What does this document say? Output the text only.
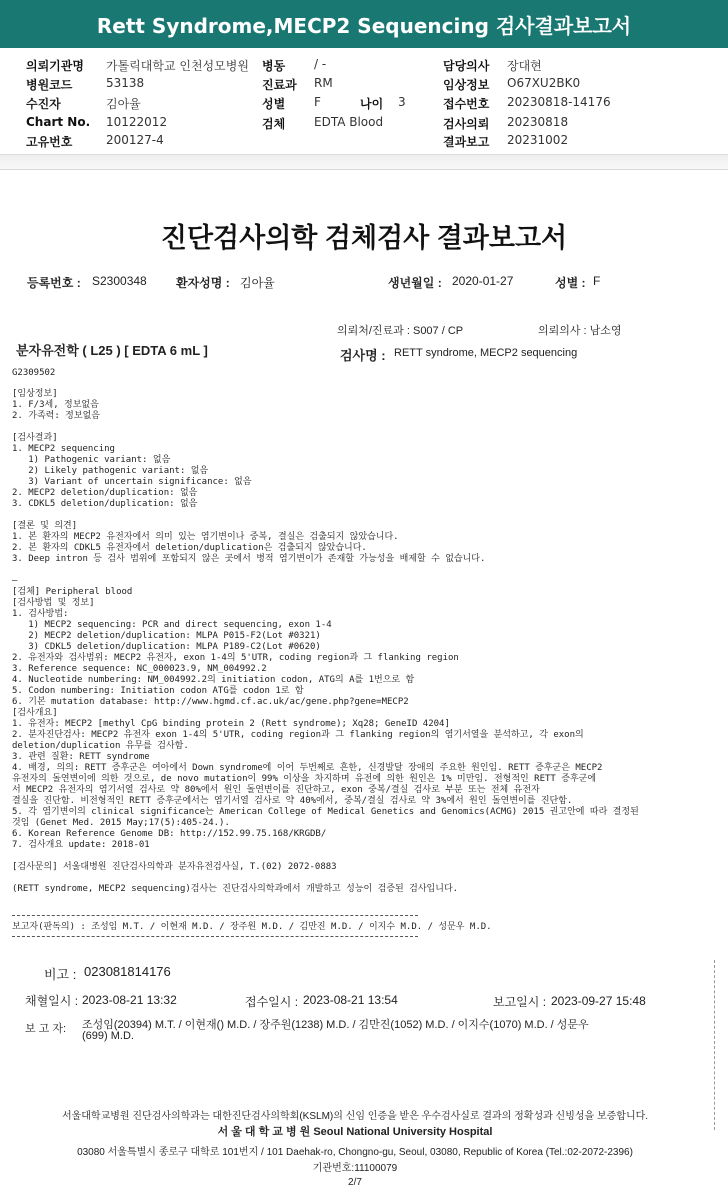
Rett Syndrome,MECP2 Sequencing 검사결과보고서
의뢰기관명 가톨릭대학교 인천성모병원
병원코드	53138
수진자	김아율
Chart No. 10122012
고유번호	200127-4
병동 / -
진료과 RM
성별 F	나이 3
검체 EDTA Blood
담당의사 장대현
임상정보 O67XU2BK0
접수번호 20230818-14176
검사의뢰 20230818
결과보고 20231002
진단검사의학 검체검사 결과보고서
등록번호 : S2300348 환자성명 : 김아율	생년월일 : 2020-01-27	성별 : F
의뢰처/진료과 : S007 / CP	의뢰의사 : 남소영
분자유전학 ( L25 ) [ EDTA 6 mL ]	검사명 : RETT syndrome, MECP2 sequencing
G2309502
[임상정보]
1. F/3세, 정보없음
2. 가족력: 정보없음
[검사결과]
1. MECP2 sequencing
1) Pathogenic variant: 없음
2) Likely pathogenic variant: 없음
3) Variant of uncertain significance: 없음
2. MECP2 deletion/duplication: 없음
3. CDKL5 deletion/duplication: 없음
[결론 및 의견]
1. 본 환자의 MECP2 유전자에서 의미 있는 염기변이나 중복, 결실은 검출되지 않았습니다.
2. 본 환자의 CDKL5 유전자에서 deletion/duplication은 검출되지 않았습니다.
3. Deep intron 등 검사 범위에 포함되지 않은 곳에서 병적 염기변이가 존재할 가능성을 배제할 수 없습니다.
—
[검체] Peripheral blood
[검사방법 및 정보]
1. 검사방법:
1) MECP2 sequencing: PCR and direct sequencing, exon 1-4
2) MECP2 deletion/duplication: MLPA P015-F2(Lot #0321)
3) CDKL5 deletion/duplication: MLPA P189-C2(Lot #0620)
2. 유전자와 검사범위: MECP2 유전자, exon 1-4의 5'UTR, coding region과 그 flanking region
3. Reference sequence: NC_000023.9, NM_004992.2
4. Nucleotide numbering: NM_004992.2의 initiation codon, ATG의 A를 1번으로 함
5. Codon numbering: Initiation codon ATG를 codon 1로 함
6. 기본 mutation database: http://www.hgmd.cf.ac.uk/ac/gene.php?gene=MECP2
[검사개요]
1. 유전자: MECP2 [methyl CpG binding protein 2 (Rett syndrome); Xq28; GeneID 4204]
2. 분자진단검사: MECP2 유전자 exon 1-4의 5'UTR, coding region과 그 flanking region의 염기서열을 분석하고, 각 exon의
deletion/duplication 유무를 검사함.
3. 관련 질환: RETT syndrome
4. 배경, 의의: RETT 증후군은 여아에서 Down syndrome에 이어 두번째로 흔한, 신경발달 장애의 주요한 원인임. RETT 증후군은 MECP2
유전자의 돌연변이에 의한 것으로, de novo mutation이 99% 이상을 차지하며 유전에 의한 원인은 1% 미만임. 전형적인 RETT 증후군에
서 MECP2 유전자의 염기서열 검사로 약 80%에서 원인 돌연변이를 진단하고, exon 중복/결실 검사로 부분 또는 전체 유전자
결실을 진단함. 비전형적인 RETT 증후군에서는 염기서열 검사로 약 40%에서, 중복/결실 검사로 약 3%에서 원인 돌연변이를 진단함.
5. 각 염기변이의 clinical significance는 American College of Medical Genetics and Genomics(ACMG) 2015 권고안에 따라 결정된
것임 (Genet Med. 2015 May;17(5):405-24.).
6. Korean Reference Genome DB: http://152.99.75.168/KRGDB/
7. 검사개요 update: 2018-01
[검사문의] 서울대병원 진단검사의학과 분자유전검사실, T.(02) 2072-0883
(RETT syndrome, MECP2 sequencing)검사는 진단검사의학과에서 개발하고 성능이 검증된 검사입니다.
보고자(판독의) : 조성임 M.T. / 이현재 M.D. / 장주원 M.D. / 김만진 M.D. / 이지수 M.D. / 성문우 M.D.
비고 : 023081814176
채혈일시 : 2023-08-21 13:32	접수일시 : 2023-08-21 13:54	보고일시 : 2023-09-27 15:48
보 고 자: 조성임(20394) M.T. / 이현재() M.D. / 장주원(1238) M.D. / 김만진(1052) M.D. / 이지수(1070) M.D. / 성문우
(699) M.D.
서울대학교병원 진단검사의학과는 대한진단검사의학회(KSLM)의 신임 인증을 받은 우수검사실로 결과의 정확성과 신빙성을 보증합니다.
서 울 대 학 교 병 원 Seoul National University Hospital
03080 서울특별시 종로구 대학로 101번지 / 101 Daehak-ro, Chongno-gu, Seoul, 03080, Republic of Korea (Tel.:02-2072-2396)
기관번호:11100079
2/7
